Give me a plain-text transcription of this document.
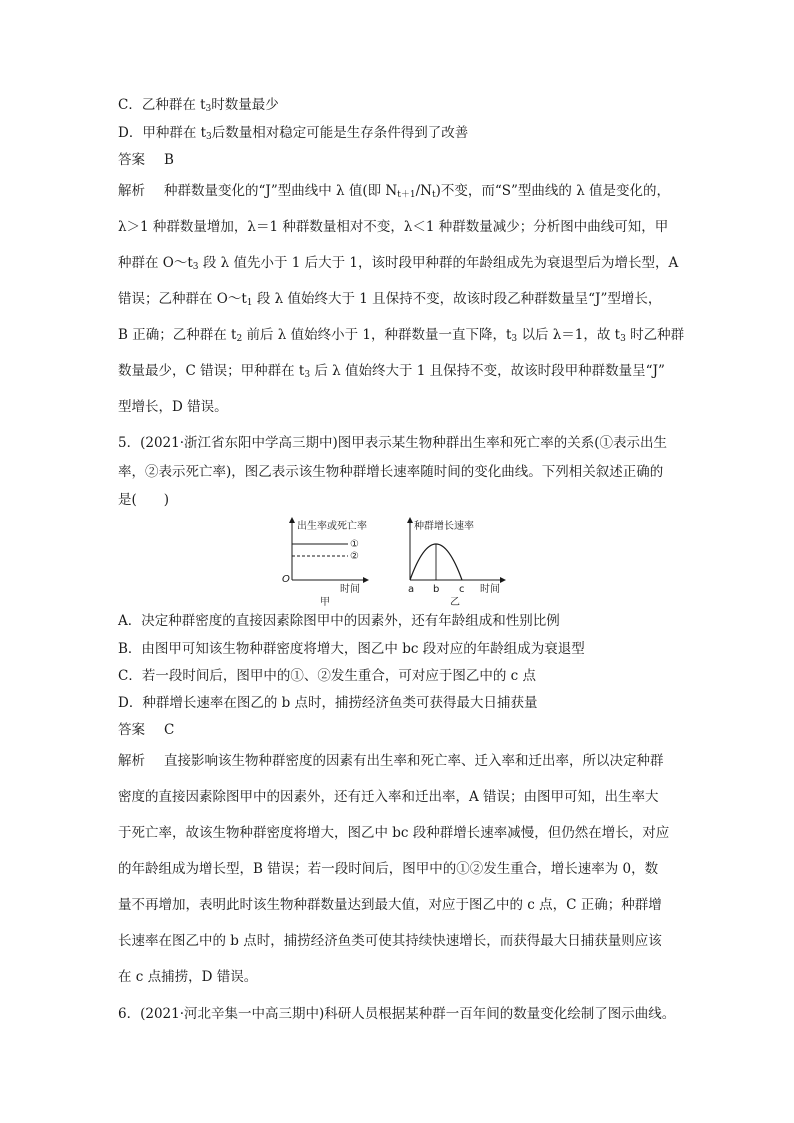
C．乙种群在 $t_3$时数量最少
D．甲种群在 $t_3$后数量相对稳定可能是生存条件得到了改善
答案 B
解析 种群数量变化的“J”型曲线中 λ 值(即 $N_{t+1}/N_t$)不变，而“S”型曲线的 λ 值是变化的，
λ＞1 种群数量增加，λ＝1 种群数量相对不变，λ＜1 种群数量减少；分析图中曲线可知，甲
种群在 $O\sim t_3$ 段 λ 值先小于 1 后大于 1，该时段甲种群的年龄组成先为衰退型后为增长型，A
错误；乙种群在 $O\sim t_1$ 段 λ 值始终大于 1 且保持不变，故该时段乙种群数量呈“J”型增长，
B 正确；乙种群在 $t_2$ 前后 λ 值始终小于 1，种群数量一直下降，$t_3$ 以后 λ＝1，故 $t_3$ 时乙种群
数量最少，C 错误；甲种群在 $t_3$ 后 λ 值始终大于 1 且保持不变，故该时段甲种群数量呈“J”
型增长，D 错误。
5．(2021·浙江省东阳中学高三期中)图甲表示某生物种群出生率和死亡率的关系(①表示出生
率，②表示死亡率)，图乙表示该生物种群增长速率随时间的变化曲线。下列相关叙述正确的
是(　　)
出生率或死亡率
①
②
O
时间
甲
种群增长速率
a b c 时间
乙
A．决定种群密度的直接因素除图甲中的因素外，还有年龄组成和性别比例
B．由图甲可知该生物种群密度将增大，图乙中 bc 段对应的年龄组成为衰退型
C．若一段时间后，图甲中的①、②发生重合，可对应于图乙中的 c 点
D．种群增长速率在图乙的 b 点时，捕捞经济鱼类可获得最大日捕获量
答案 C
解析 直接影响该生物种群密度的因素有出生率和死亡率、迁入率和迁出率，所以决定种群
密度的直接因素除图甲中的因素外，还有迁入率和迁出率，A 错误；由图甲可知，出生率大
于死亡率，故该生物种群密度将增大，图乙中 bc 段种群增长速率减慢，但仍然在增长，对应
的年龄组成为增长型，B 错误；若一段时间后，图甲中的①②发生重合，增长速率为 0，数
量不再增加，表明此时该生物种群数量达到最大值，对应于图乙中的 c 点，C 正确；种群增
长速率在图乙中的 b 点时，捕捞经济鱼类可使其持续快速增长，而获得最大日捕获量则应该
在 c 点捕捞，D 错误。
6．(2021·河北辛集一中高三期中)科研人员根据某种群一百年间的数量变化绘制了图示曲线。
